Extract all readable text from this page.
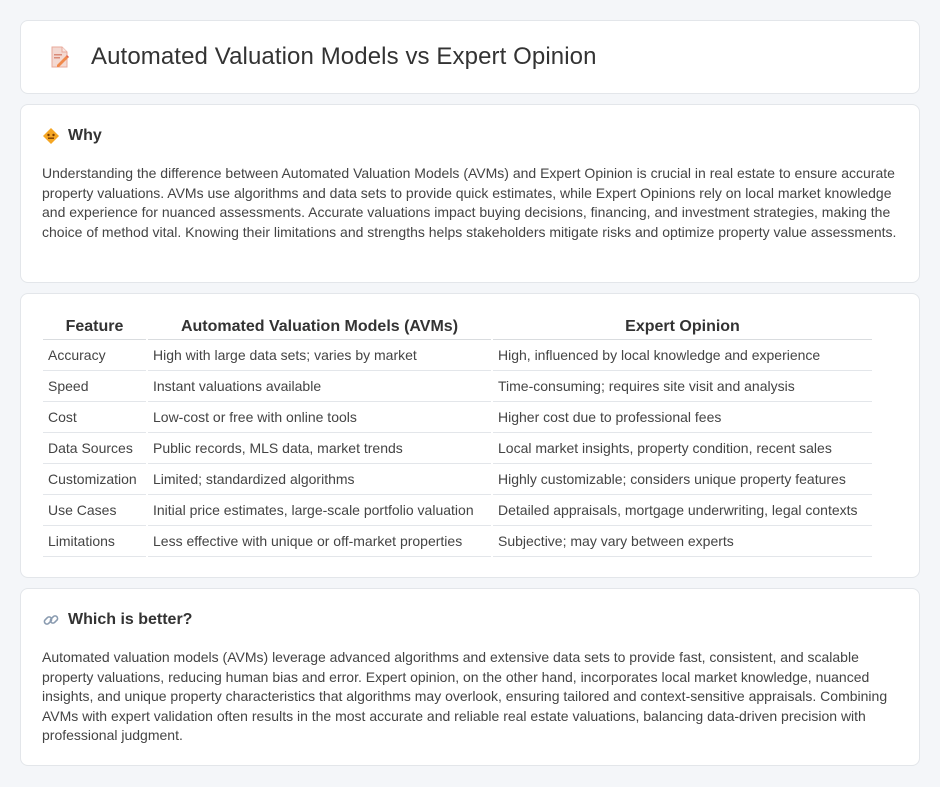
Automated Valuation Models vs Expert Opinion
Why

Understanding the difference between Automated Valuation Models (AVMs) and Expert Opinion is crucial in real estate to ensure accurate property valuations. AVMs use algorithms and data sets to provide quick estimates, while Expert Opinions rely on local market knowledge and experience for nuanced assessments. Accurate valuations impact buying decisions, financing, and investment strategies, making the choice of method vital. Knowing their limitations and strengths helps stakeholders mitigate risks and optimize property value assessments.

Feature	Automated Valuation Models (AVMs)	Expert Opinion
Accuracy	High with large data sets; varies by market	High, influenced by local knowledge and experience
Speed	Instant valuations available	Time-consuming; requires site visit and analysis
Cost	Low-cost or free with online tools	Higher cost due to professional fees
Data Sources	Public records, MLS data, market trends	Local market insights, property condition, recent sales
Customization	Limited; standardized algorithms	Highly customizable; considers unique property features
Use Cases	Initial price estimates, large-scale portfolio valuation	Detailed appraisals, mortgage underwriting, legal contexts
Limitations	Less effective with unique or off-market properties	Subjective; may vary between experts
Which is better?

Automated valuation models (AVMs) leverage advanced algorithms and extensive data sets to provide fast, consistent, and scalable property valuations, reducing human bias and error. Expert opinion, on the other hand, incorporates local market knowledge, nuanced insights, and unique property characteristics that algorithms may overlook, ensuring tailored and context-sensitive appraisals. Combining AVMs with expert validation often results in the most accurate and reliable real estate valuations, balancing data-driven precision with professional judgment.
